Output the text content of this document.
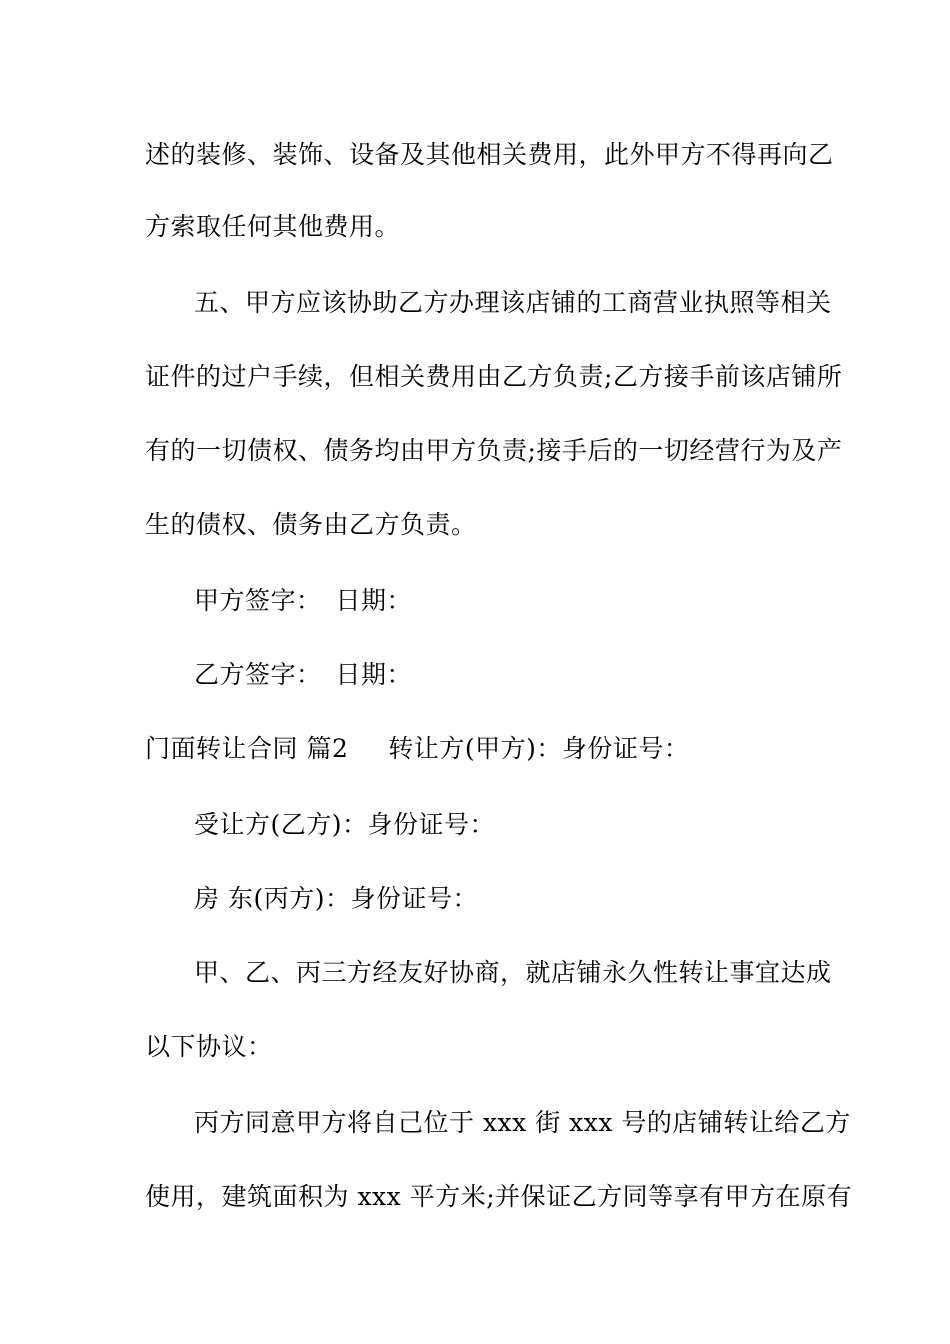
述的装修、装饰、设备及其他相关费用，此外甲方不得再向乙
方索取任何其他费用。
五、甲方应该协助乙方办理该店铺的工商营业执照等相关
证件的过户手续，但相关费用由乙方负责;乙方接手前该店铺所
有的一切债权、债务均由甲方负责;接手后的一切经营行为及产
生的债权、债务由乙方负责。
甲方签字： 日期：
乙方签字： 日期：
门面转让合同 篇2 转让方(甲方)：身份证号：
受让方(乙方)：身份证号：
房 东(丙方)：身份证号：
甲、乙、丙三方经友好协商，就店铺永久性转让事宜达成
以下协议：
丙方同意甲方将自己位于 xxx 街 xxx 号的店铺转让给乙方
使用，建筑面积为 xxx 平方米;并保证乙方同等享有甲方在原有
